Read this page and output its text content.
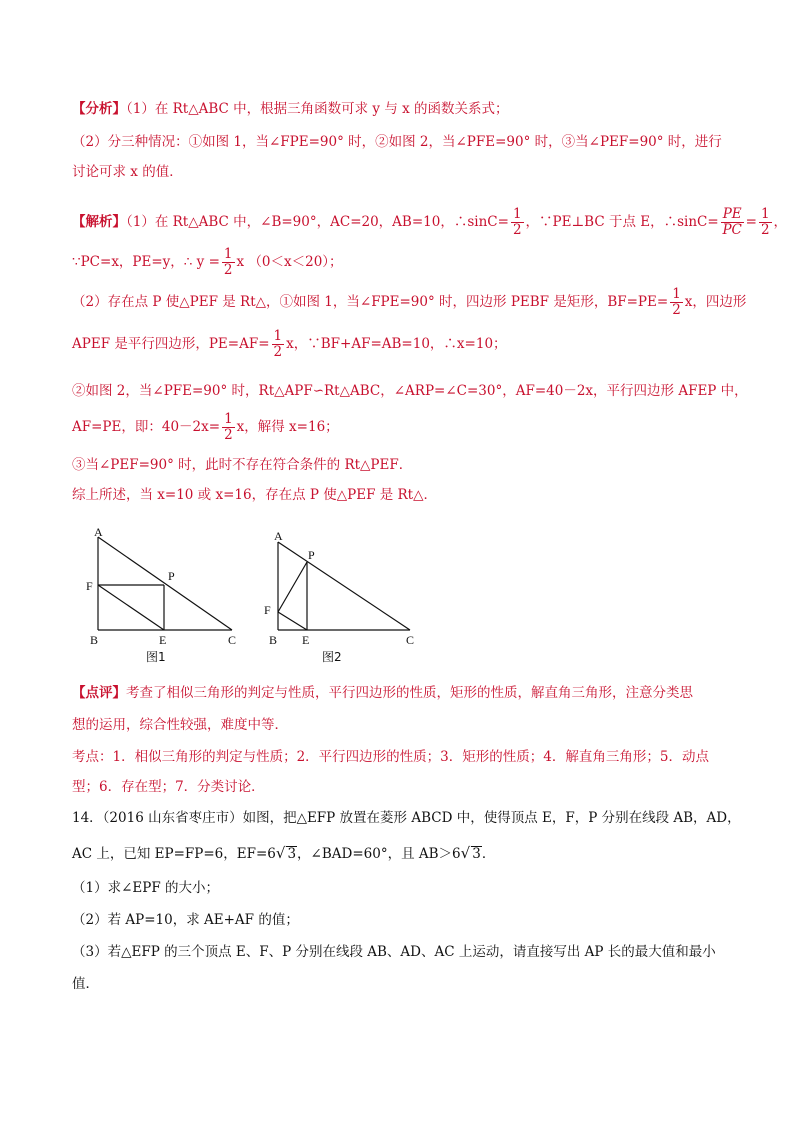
【分析】（1）在 Rt△ABC 中，根据三角函数可求 y 与 x 的函数关系式；
（2）分三种情况：①如图 1，当∠FPE=90° 时，②如图 2，当∠PFE=90° 时，③当∠PEF=90° 时，进行
讨论可求 x 的值．
【解析】（1）在 Rt△ABC 中，∠B=90°，AC=20，AB=10，∴sinC= $\frac{1}{2}$ ，∵PE⊥BC 于点 E，∴sinC= $\frac{PE}{PC} = \frac{1}{2}$ ，
∵PC=x，PE=y，∴ $y = \frac{1}{2}$ x （0＜x＜20）；
（2）存在点 P 使△PEF 是 Rt△，①如图 1，当∠FPE=90° 时，四边形 PEBF 是矩形，$BF=PE= \frac{1}{2}$ x，四边形
APEF 是平行四边形，$PE=AF= \frac{1}{2}$ x，∵BF+AF=AB=10，∴x=10；
②如图 2，当∠PFE=90° 时，Rt△APF∽Rt△ABC，∠ARP=∠C=30°，AF=40－2x，平行四边形 AFEP 中，
AF=PE，即：$40-2x= \frac{1}{2}$ x，解得 x=16；
③当∠PEF=90° 时，此时不存在符合条件的 Rt△PEF．
综上所述，当 x=10 或 x=16，存在点 P 使△PEF 是 Rt△．
A
F
P
B	E	C
图1
A
P
F
B E	C
图2
【点评】考查了相似三角形的判定与性质，平行四边形的性质，矩形的性质，解直角三角形，注意分类思
想的运用，综合性较强，难度中等．
考点：1．相似三角形的判定与性质；2．平行四边形的性质；3．矩形的性质；4．解直角三角形；5．动点
型；6．存在型；7．分类讨论．
14．（2016 山东省枣庄市）如图，把△EFP 放置在菱形 ABCD 中，使得顶点 E，F，P 分别在线段 AB，AD，
AC 上，已知 EP=FP=6，EF=6√ 3，∠BAD=60°，且 AB＞6√ 3．
（1）求∠EPF 的大小；
（2）若 AP=10，求 AE+AF 的值；
（3）若△EFP 的三个顶点 E、F、P 分别在线段 AB、AD、AC 上运动，请直接写出 AP 长的最大值和最小
值．
